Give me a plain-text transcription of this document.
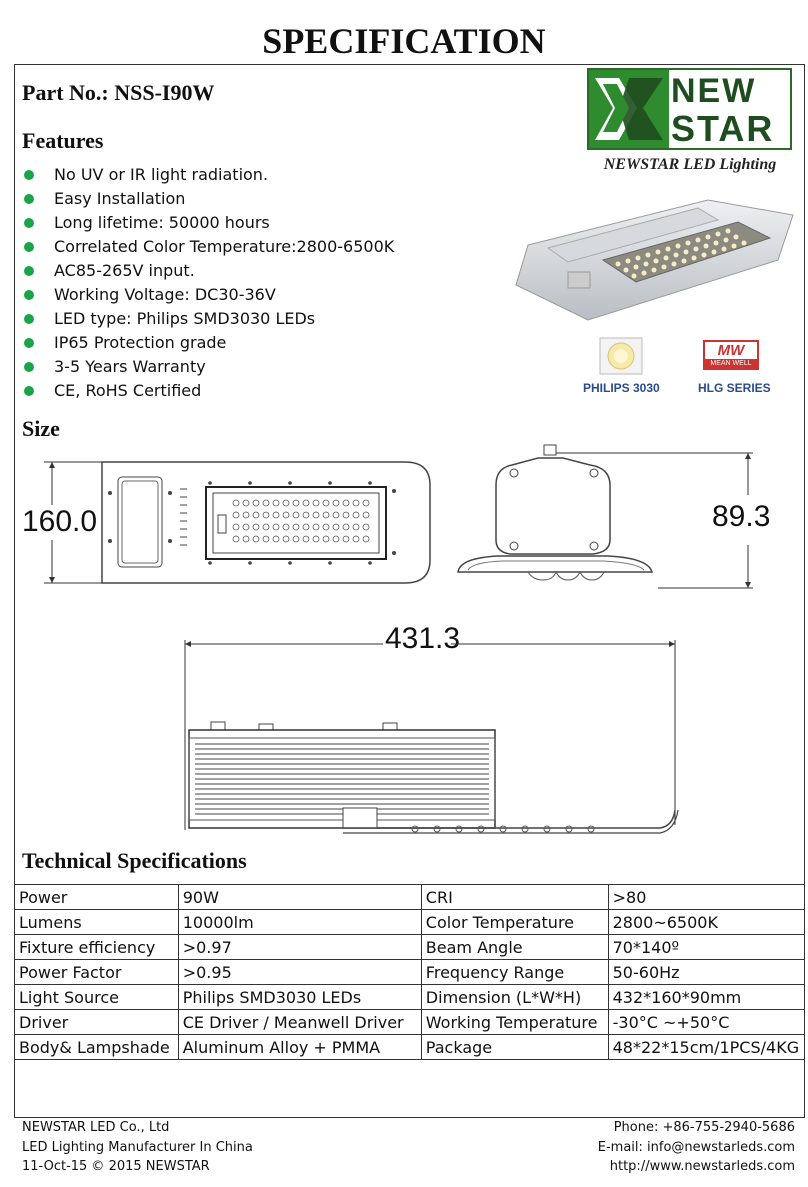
SPECIFICATION
Part No.: NSS-I90W
Features
No UV or IR light radiation.
Easy Installation
Long lifetime: 50000 hours
Correlated Color Temperature:2800-6500K
AC85-265V input.
Working Voltage: DC30-36V
LED type: Philips SMD3030 LEDs
IP65 Protection grade
3-5 Years Warranty
CE, RoHS Certified
NEW
STAR
NEWSTAR LED Lighting
PHILIPS 3030
MW
MEAN WELL
HLG SERIES
Size
160.0	89.3
431.3
Technical Specifications
Power	90W	CRI	>80
Lumens	10000lm	Color Temperature	2800~6500K
Fixture efficiency	>0.97	Beam Angle	70*140º
Power Factor	>0.95	Frequency Range	50-60Hz
Light Source	Philips SMD3030 LEDs	Dimension (L*W*H)	432*160*90mm
Driver	CE Driver / Meanwell Driver	Working Temperature	-30°C ~+50°C
Body& Lampshade	Aluminum Alloy + PMMA	Package	48*22*15cm/1PCS/4KG
NEWSTAR LED Co., Ltd
LED Lighting Manufacturer In China
11-Oct-15 © 2015 NEWSTAR
Phone: +86-755-2940-5686
E-mail: info@newstarleds.com
http://www.newstarleds.com
